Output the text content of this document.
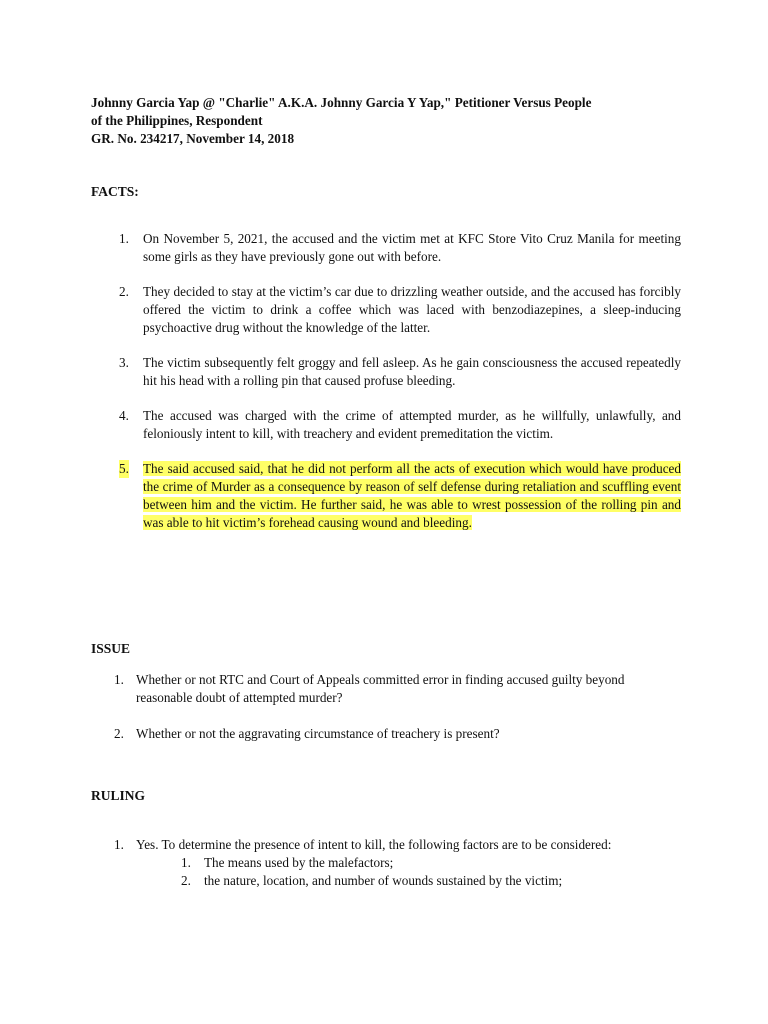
Johnny Garcia Yap @ "Charlie" A.K.A. Johnny Garcia Y Yap," Petitioner Versus People
of the Philippines, Respondent
GR. No. 234217, November 14, 2018
FACTS:
1. On November 5, 2021, the accused and the victim met at KFC Store Vito Cruz Manila for meeting some girls as they have previously gone out with before.
2. They decided to stay at the victim’s car due to drizzling weather outside, and the accused has forcibly offered the victim to drink a coffee which was laced with benzodiazepines, a sleep-inducing psychoactive drug without the knowledge of the latter.
3. The victim subsequently felt groggy and fell asleep. As he gain consciousness the accused repeatedly hit his head with a rolling pin that caused profuse bleeding.
4. The accused was charged with the crime of attempted murder, as he willfully, unlawfully, and feloniously intent to kill, with treachery and evident premeditation the victim.
5. The said accused said, that he did not perform all the acts of execution which would have produced the crime of Murder as a consequence by reason of self defense during retaliation and scuffling event between him and the victim. He further said, he was able to wrest possession of the rolling pin and was able to hit victim’s forehead causing wound and bleeding.
ISSUE
1. Whether or not RTC and Court of Appeals committed error in finding accused guilty beyond reasonable doubt of attempted murder?
2. Whether or not the aggravating circumstance of treachery is present?
RULING
1. Yes. To determine the presence of intent to kill, the following factors are to be considered:
1. The means used by the malefactors;
2. the nature, location, and number of wounds sustained by the victim;
